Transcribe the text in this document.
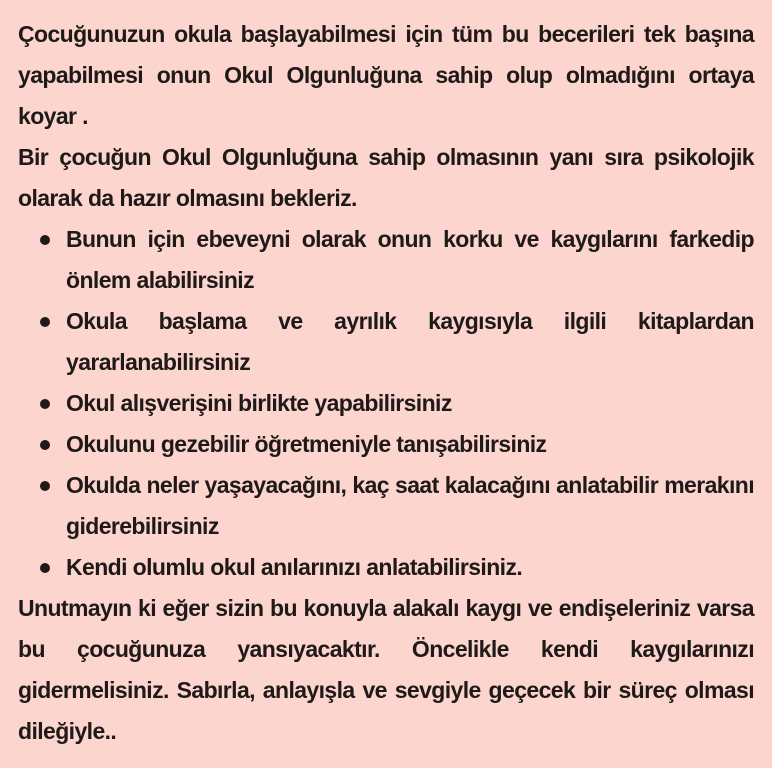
Çocuğunuzun okula başlayabilmesi için tüm bu becerileri tek başına yapabilmesi onun Okul Olgunluğuna sahip olup olmadığını ortaya koyar .

Bir çocuğun Okul Olgunluğuna sahip olmasının yanı sıra psikolojik olarak da hazır olmasını bekleriz.

Bunun için ebeveyni olarak onun korku ve kaygılarını farkedip önlem alabilirsiniz
Okula başlama ve ayrılık kaygısıyla ilgili kitaplardan yararlanabilirsiniz
Okul alışverişini birlikte yapabilirsiniz
Okulunu gezebilir öğretmeniyle tanışabilirsiniz
Okulda neler yaşayacağını, kaç saat kalacağını anlatabilir merakını giderebilirsiniz
Kendi olumlu okul anılarınızı anlatabilirsiniz.

Unutmayın ki eğer sizin bu konuyla alakalı kaygı ve endişeleriniz varsa bu çocuğunuza yansıyacaktır. Öncelikle kendi kaygılarınızı gidermelisiniz. Sabırla, anlayışla ve sevgiyle geçecek bir süreç olması dileğiyle..
